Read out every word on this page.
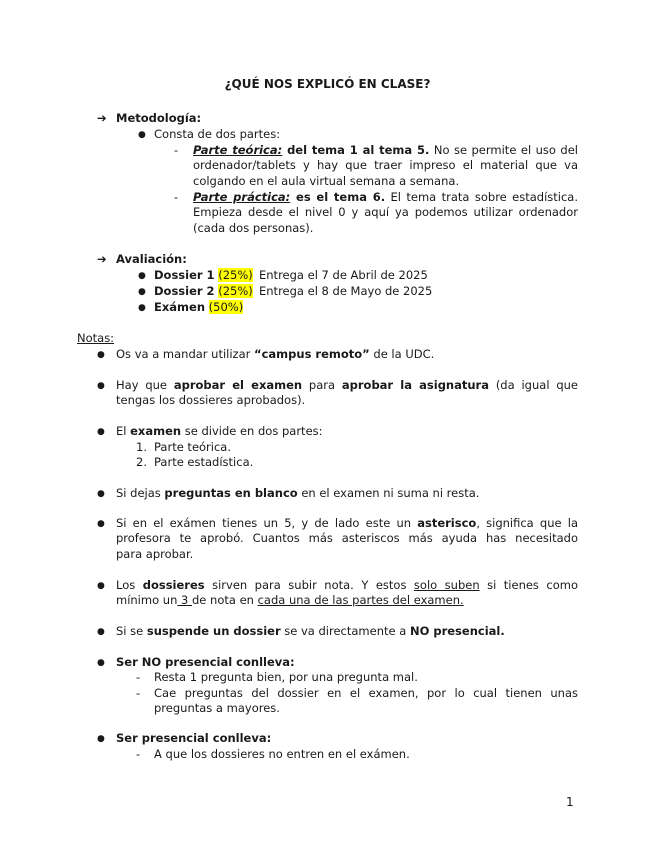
¿QUÉ NOS EXPLICÓ EN CLASE?
➔ Metodología:
● Consta de dos partes:
- Parte teórica: del tema 1 al tema 5. No se permite el uso del
ordenador/tablets y hay que traer impreso el material que va
colgando en el aula virtual semana a semana.
- Parte práctica: es el tema 6. El tema trata sobre estadística.
Empieza desde el nivel 0 y aquí ya podemos utilizar ordenador
(cada dos personas).
➔ Avaliación:
● Dossier 1 (25%) Entrega el 7 de Abril de 2025
● Dossier 2 (25%) Entrega el 8 de Mayo de 2025
● Exámen (50%)
Notas:
● Os va a mandar utilizar “campus remoto” de la UDC.
● Hay que aprobar el examen para aprobar la asignatura (da igual que
tengas los dossieres aprobados).
● El examen se divide en dos partes:
1. Parte teórica.
2. Parte estadística.
● Si dejas preguntas en blanco en el examen ni suma ni resta.
● Si en el exámen tienes un 5, y de lado este un asterisco, significa que la
profesora te aprobó. Cuantos más asteriscos más ayuda has necesitado
para aprobar.
● Los dossieres sirven para subir nota. Y estos solo suben si tienes como
mínimo un 3 de nota en cada una de las partes del examen.
● Si se suspende un dossier se va directamente a NO presencial.
● Ser NO presencial conlleva:
- Resta 1 pregunta bien, por una pregunta mal.
- Cae preguntas del dossier en el examen, por lo cual tienen unas
preguntas a mayores.
● Ser presencial conlleva:
- A que los dossieres no entren en el exámen.
1
